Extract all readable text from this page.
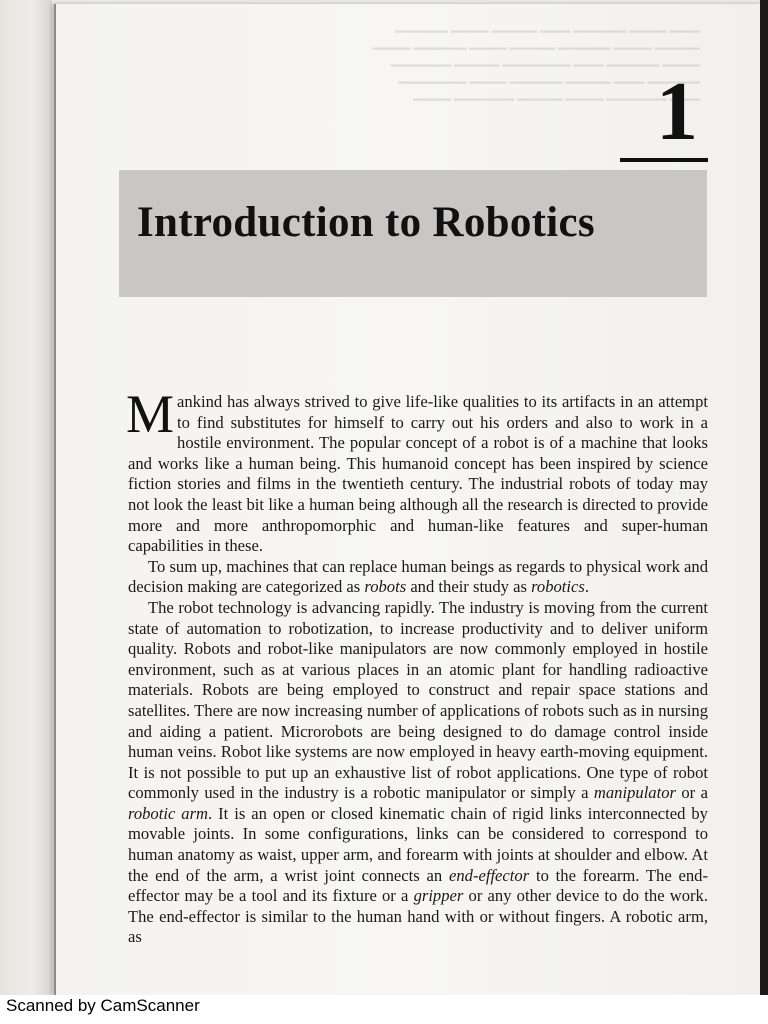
━━━━ ━━━━━ ━━━━━━━ ━━━━ ━━━━━━ ━━━━━ ━━━━━━━
━━━━━━ ━━━━━ ━━━━━━━ ━━━━━━ ━━━━━ ━━━━━━━ ━━━━━
━━━━━ ━━━━━━━ ━━━━ ━━━━━━━━━ ━━━━━━ ━━━━━━━━
━━━━━━━ ━━━━ ━━━━━━ ━━━━━━━ ━━━━━ ━━━━━━━━━
━━━━ ━━━━━━━━ ━━━━━ ━━━━━━ ━━━━━━━━ ━━━━━
1
Introduction to Robotics

Mankind has always strived to give life-like qualities to its artifacts in an attempt to find substitutes for himself to carry out his orders and also to work in a hostile environment. The popular concept of a robot is of a machine that looks and works like a human being. This humanoid concept has been inspired by science fiction stories and films in the twentieth century. The industrial robots of today may not look the least bit like a human being although all the research is directed to provide more and more anthropomorphic and human-like features and super-human capabilities in these.

To sum up, machines that can replace human beings as regards to physical work and decision making are categorized as robots and their study as robotics.

The robot technology is advancing rapidly. The industry is moving from the current state of automation to robotization, to increase productivity and to deliver uniform quality. Robots and robot-like manipulators are now commonly employed in hostile environment, such as at various places in an atomic plant for handling radioactive materials. Robots are being employed to construct and repair space stations and satellites. There are now increasing number of applications of robots such as in nursing and aiding a patient. Microrobots are being designed to do damage control inside human veins. Robot like systems are now employed in heavy earth-moving equipment. It is not possible to put up an exhaustive list of robot applications. One type of robot commonly used in the industry is a robotic manipulator or simply a manipulator or a robotic arm. It is an open or closed kinematic chain of rigid links interconnected by movable joints. In some configurations, links can be considered to correspond to human anatomy as waist, upper arm, and forearm with joints at shoulder and elbow. At the end of the arm, a wrist joint connects an end-effector to the forearm. The end-effector may be a tool and its fixture or a gripper or any other device to do the work. The end-effector is similar to the human hand with or without fingers. A robotic arm, as

Scanned by CamScanner
